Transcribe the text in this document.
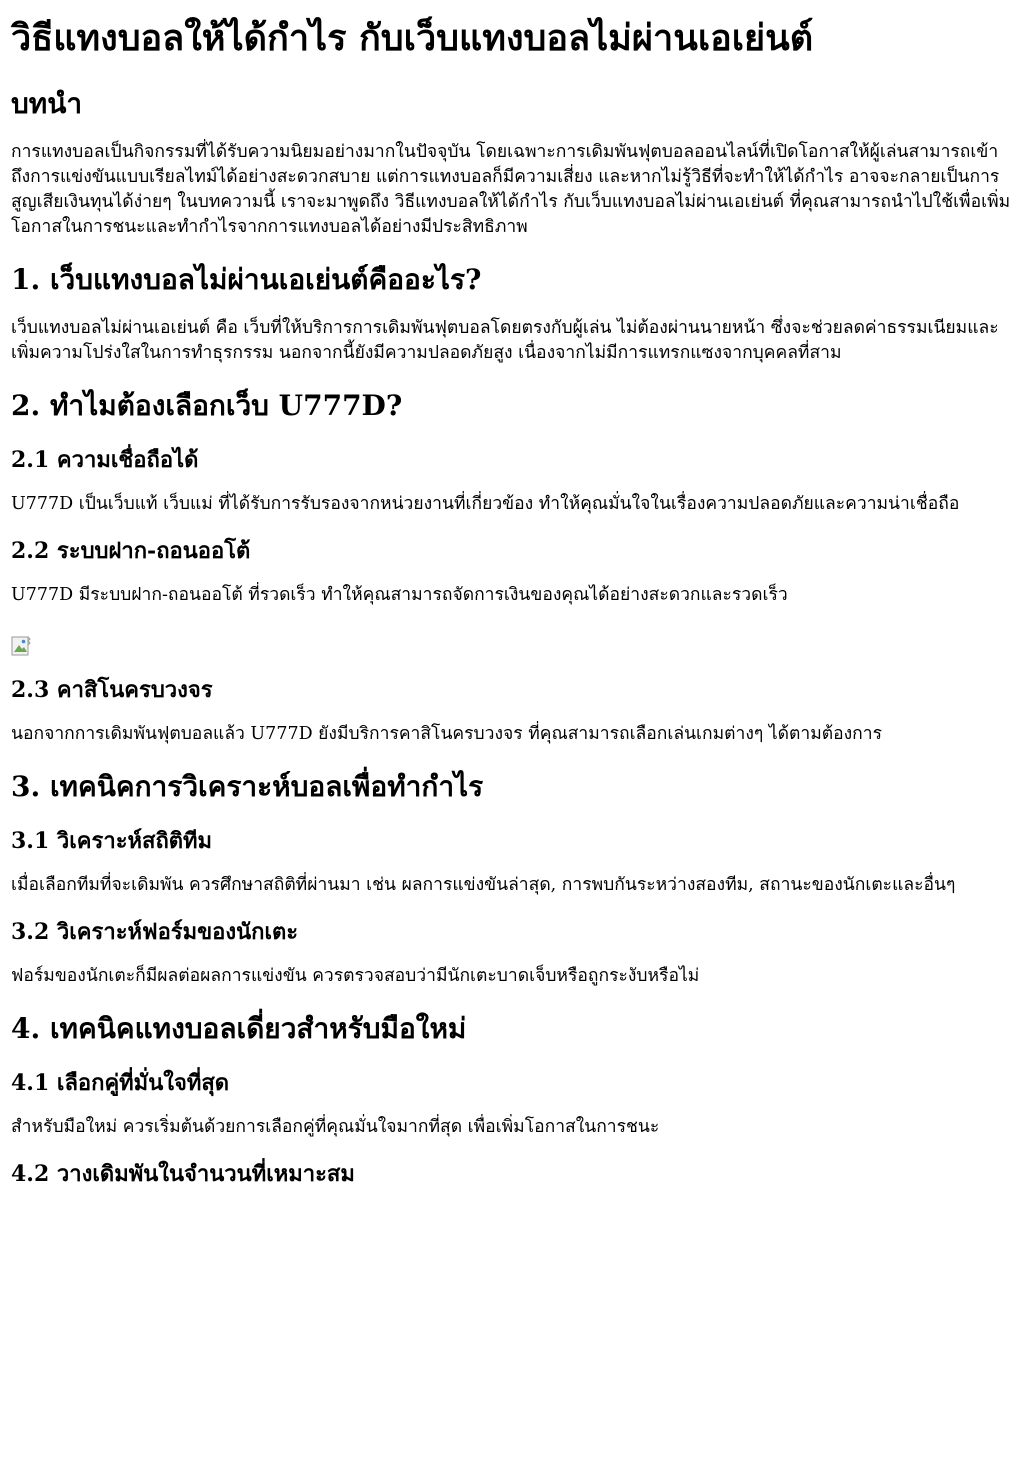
วิธีแทงบอลให้ได้กำไร กับเว็บแทงบอลไม่ผ่านเอเย่นต์
บทนำ

การแทงบอลเป็นกิจกรรมที่ได้รับความนิยมอย่างมากในปัจจุบัน โดยเฉพาะการเดิมพันฟุตบอลออนไลน์ที่เปิดโอกาสให้ผู้เล่นสามารถเข้าถึงการแข่งขันแบบเรียลไทม์ได้อย่างสะดวกสบาย แต่การแทงบอลก็มีความเสี่ยง และหากไม่รู้วิธีที่จะทำให้ได้กำไร อาจจะกลายเป็นการสูญเสียเงินทุนได้ง่ายๆ ในบทความนี้ เราจะมาพูดถึง วิธีแทงบอลให้ได้กำไร กับเว็บแทงบอลไม่ผ่านเอเย่นต์ ที่คุณสามารถนำไปใช้เพื่อเพิ่มโอกาสในการชนะและทำกำไรจากการแทงบอลได้อย่างมีประสิทธิภาพ

1. เว็บแทงบอลไม่ผ่านเอเย่นต์คืออะไร?

เว็บแทงบอลไม่ผ่านเอเย่นต์ คือ เว็บที่ให้บริการการเดิมพันฟุตบอลโดยตรงกับผู้เล่น ไม่ต้องผ่านนายหน้า ซึ่งจะช่วยลดค่าธรรมเนียมและเพิ่มความโปร่งใสในการทำธุรกรรม นอกจากนี้ยังมีความปลอดภัยสูง เนื่องจากไม่มีการแทรกแซงจากบุคคลที่สาม

2. ทำไมต้องเลือกเว็บ U777D?
2.1 ความเชื่อถือได้

U777D เป็นเว็บแท้ เว็บแม่ ที่ได้รับการรับรองจากหน่วยงานที่เกี่ยวข้อง ทำให้คุณมั่นใจในเรื่องความปลอดภัยและความน่าเชื่อถือ

2.2 ระบบฝาก-ถอนออโต้

U777D มีระบบฝาก-ถอนออโต้ ที่รวดเร็ว ทำให้คุณสามารถจัดการเงินของคุณได้อย่างสะดวกและรวดเร็ว

2.3 คาสิโนครบวงจร

นอกจากการเดิมพันฟุตบอลแล้ว U777D ยังมีบริการคาสิโนครบวงจร ที่คุณสามารถเลือกเล่นเกมต่างๆ ได้ตามต้องการ

3. เทคนิคการวิเคราะห์บอลเพื่อทำกำไร
3.1 วิเคราะห์สถิติทีม

เมื่อเลือกทีมที่จะเดิมพัน ควรศึกษาสถิติที่ผ่านมา เช่น ผลการแข่งขันล่าสุด, การพบกันระหว่างสองทีม, สถานะของนักเตะและอื่นๆ

3.2 วิเคราะห์ฟอร์มของนักเตะ

ฟอร์มของนักเตะก็มีผลต่อผลการแข่งขัน ควรตรวจสอบว่ามีนักเตะบาดเจ็บหรือถูกระงับหรือไม่

4. เทคนิคแทงบอลเดี่ยวสำหรับมือใหม่
4.1 เลือกคู่ที่มั่นใจที่สุด

สำหรับมือใหม่ ควรเริ่มต้นด้วยการเลือกคู่ที่คุณมั่นใจมากที่สุด เพื่อเพิ่มโอกาสในการชนะ

4.2 วางเดิมพันในจำนวนที่เหมาะสม
